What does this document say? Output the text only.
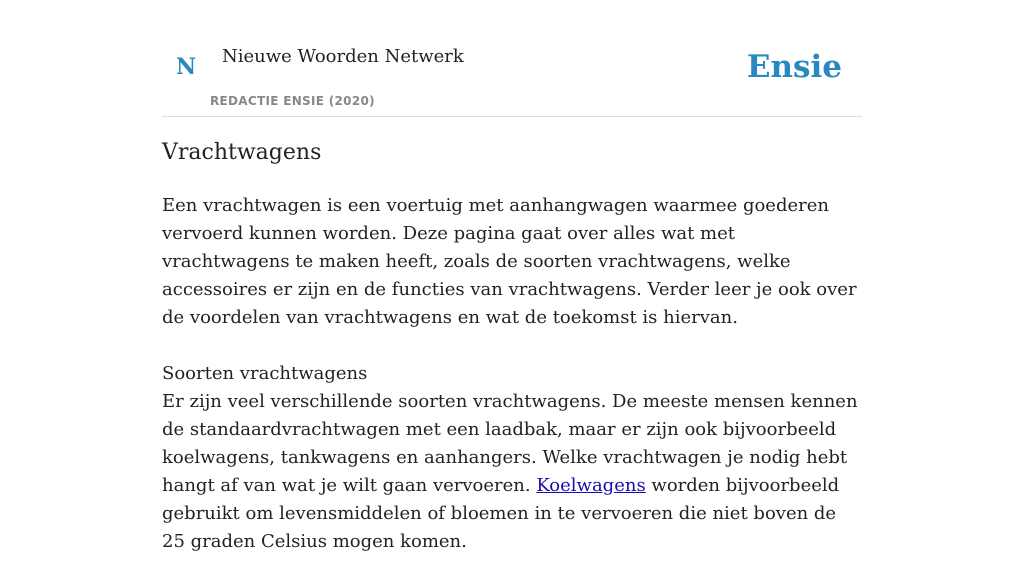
N Nieuwe Woorden Netwerk
REDACTIE ENSIE (2020)
Ensie
Vrachtwagens

Een vrachtwagen is een voertuig met aanhangwagen waarmee goederen vervoerd kunnen worden. Deze pagina gaat over alles wat met vrachtwagens te maken heeft, zoals de soorten vrachtwagens, welke accessoires er zijn en de functies van vrachtwagens. Verder leer je ook over de voordelen van vrachtwagens en wat de toekomst is hiervan.

Soorten vrachtwagens
Er zijn veel verschillende soorten vrachtwagens. De meeste mensen kennen de standaardvrachtwagen met een laadbak, maar er zijn ook bijvoorbeeld koelwagens, tankwagens en aanhangers. Welke vrachtwagen je nodig hebt hangt af van wat je wilt gaan vervoeren. Koelwagens worden bijvoorbeeld gebruikt om levensmiddelen of bloemen in te vervoeren die niet boven de 25 graden Celsius mogen komen.
